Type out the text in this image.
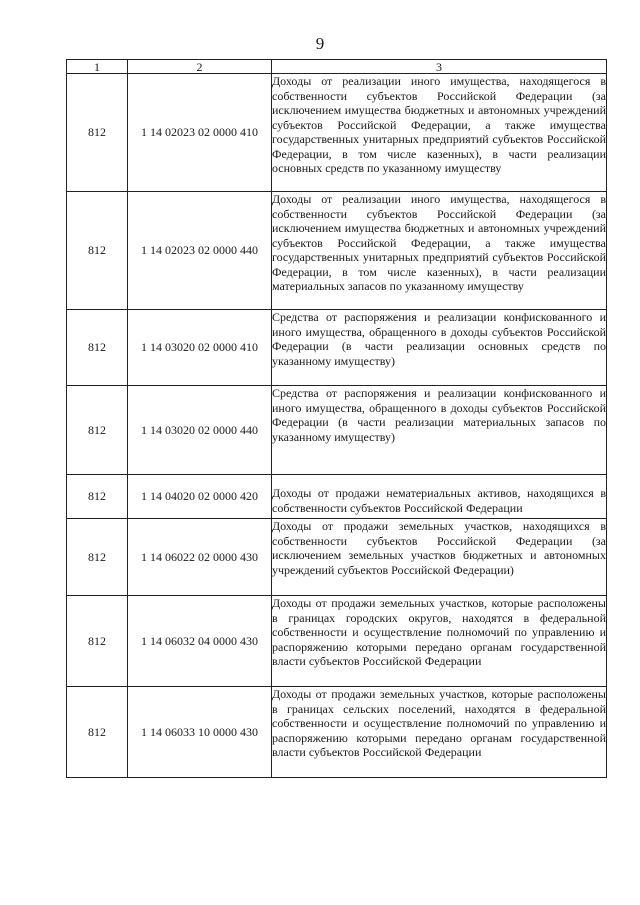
9
1	2	3
812	1 14 02023 02 0000 410	Доходы от реализации иного имущества, находящегося в собственности субъектов Российской Федерации (за исключением имущества бюджетных и автономных учреждений субъектов Российской Федерации, а также имущества государственных унитарных предприятий субъектов Российской Федерации, в том числе казенных), в части реализации основных средств по указанному имуществу
812	1 14 02023 02 0000 440	Доходы от реализации иного имущества, находящегося в собственности субъектов Российской Федерации (за исключением имущества бюджетных и автономных учреждений субъектов Российской Федерации, а также имущества государственных унитарных предприятий субъектов Российской Федерации, в том числе казенных), в части реализации материальных запасов по указанному имуществу
812	1 14 03020 02 0000 410	Средства от распоряжения и реализации конфискованного и иного имущества, обращенного в доходы субъектов Российской Федерации (в части реализации основных средств по указанному имуществу)
812	1 14 03020 02 0000 440	Средства от распоряжения и реализации конфискованного и иного имущества, обращенного в доходы субъектов Российской Федерации (в части реализации материальных запасов по указанному имуществу)
812	1 14 04020 02 0000 420	Доходы от продажи нематериальных активов, находящихся в собственности субъектов Российской Федерации
812	1 14 06022 02 0000 430	Доходы от продажи земельных участков, находящихся в собственности субъектов Российской Федерации (за исключением земельных участков бюджетных и автономных учреждений субъектов Российской Федерации)
812	1 14 06032 04 0000 430	Доходы от продажи земельных участков, которые расположены в границах городских округов, находятся в федеральной собственности и осуществление полномочий по управлению и распоряжению которыми передано органам государственной власти субъектов Российской Федерации
812	1 14 06033 10 0000 430	Доходы от продажи земельных участков, которые расположены в границах сельских поселений, находятся в федеральной собственности и осуществление полномочий по управлению и распоряжению которыми передано органам государственной власти субъектов Российской Федерации
